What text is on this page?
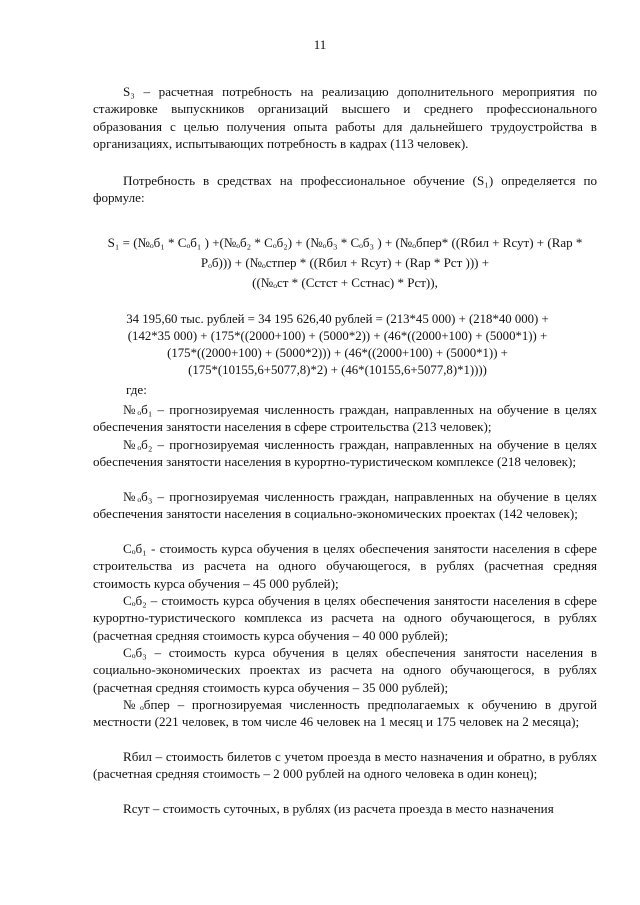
11
S₃ – расчетная потребность на реализацию дополнительного мероприятия по стажировке выпускников организаций высшего и среднего профессионального образования с целью получения опыта работы для дальнейшего трудоустройства в организациях, испытывающих потребность в кадрах (113 человек).
Потребность в средствах на профессиональное обучение (S₁) определяется по формуле:
S₁ = (№ₒб₁ * Cₒб₁ ) +(№ₒб₂ * Cₒб₂) + (№ₒб₃ * Cₒб₃ ) + (№ₒбпер* ((Rбил + Rсут) + (Rар *
Pₒб))) + (№ₒстпер * ((Rбил + Rсут) + (Rар * Pст ))) +
((№ₒст * (Cстст + Cстнас) * Pст)),
34 195,60 тыс. рублей = 34 195 626,40 рублей = (213*45 000) + (218*40 000) +
(142*35 000) + (175*((2000+100) + (5000*2)) + (46*((2000+100) + (5000*1)) +
(175*((2000+100) + (5000*2))) + (46*((2000+100) + (5000*1)) +
(175*(10155,6+5077,8)*2) + (46*(10155,6+5077,8)*1))))
где:
№ₒб₁ – прогнозируемая численность граждан, направленных на обучение в целях обеспечения занятости населения в сфере строительства (213 человек);
№ₒб₂ – прогнозируемая численность граждан, направленных на обучение в целях обеспечения занятости населения в курортно-туристическом комплексе (218 человек);
№ₒб₃ – прогнозируемая численность граждан, направленных на обучение в целях обеспечения занятости населения в социально-экономических проектах (142 человек);
Cₒб₁ - стоимость курса обучения в целях обеспечения занятости населения в сфере строительства из расчета на одного обучающегося, в рублях (расчетная средняя стоимость курса обучения – 45 000 рублей);
Cₒб₂ – стоимость курса обучения в целях обеспечения занятости населения в сфере курортно-туристического комплекса из расчета на одного обучающегося, в рублях (расчетная средняя стоимость курса обучения – 40 000 рублей);
Cₒб₃ – стоимость курса обучения в целях обеспечения занятости населения в социально-экономических проектах из расчета на одного обучающегося, в рублях (расчетная средняя стоимость курса обучения – 35 000 рублей);
№ₒбпер – прогнозируемая численность предполагаемых к обучению в другой местности (221 человек, в том числе 46 человек на 1 месяц и 175 человек на 2 месяца);
Rбил – стоимость билетов с учетом проезда в место назначения и обратно, в рублях (расчетная средняя стоимость – 2 000 рублей на одного человека в один конец);
Rсут – стоимость суточных, в рублях (из расчета проезда в место назначения
